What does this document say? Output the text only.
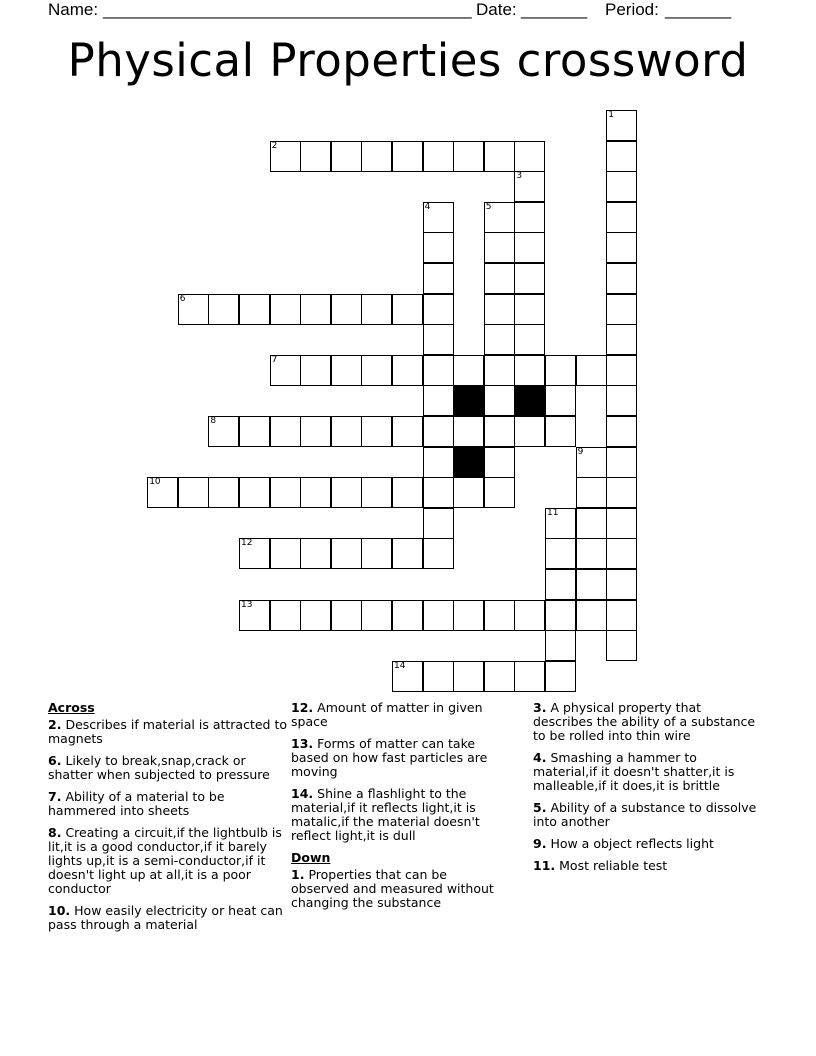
Name: _______________________________________ Date: _______ Period: _______
Physical Properties crossword
1
2
3
4	5
6
7
8
9
10
11
12
13
14
Across
2. Describes if material is attracted to magnets
6. Likely to break,snap,crack or shatter when subjected to pressure
7. Ability of a material to be hammered into sheets
8. Creating a circuit,if the lightbulb is lit,it is a good conductor,if it barely lights up,it is a semi-conductor,if it doesn't light up at all,it is a poor conductor
10. How easily electricity or heat can pass through a material
12. Amount of matter in given space
13. Forms of matter can take based on how fast particles are moving
14. Shine a flashlight to the material,if it reflects light,it is matalic,if the material doesn't reflect light,it is dull
Down
1. Properties that can be observed and measured without changing the substance
3. A physical property that describes the ability of a substance to be rolled into thin wire
4. Smashing a hammer to material,if it doesn't shatter,it is malleable,if it does,it is brittle
5. Ability of a substance to dissolve into another
9. How a object reflects light
11. Most reliable test
